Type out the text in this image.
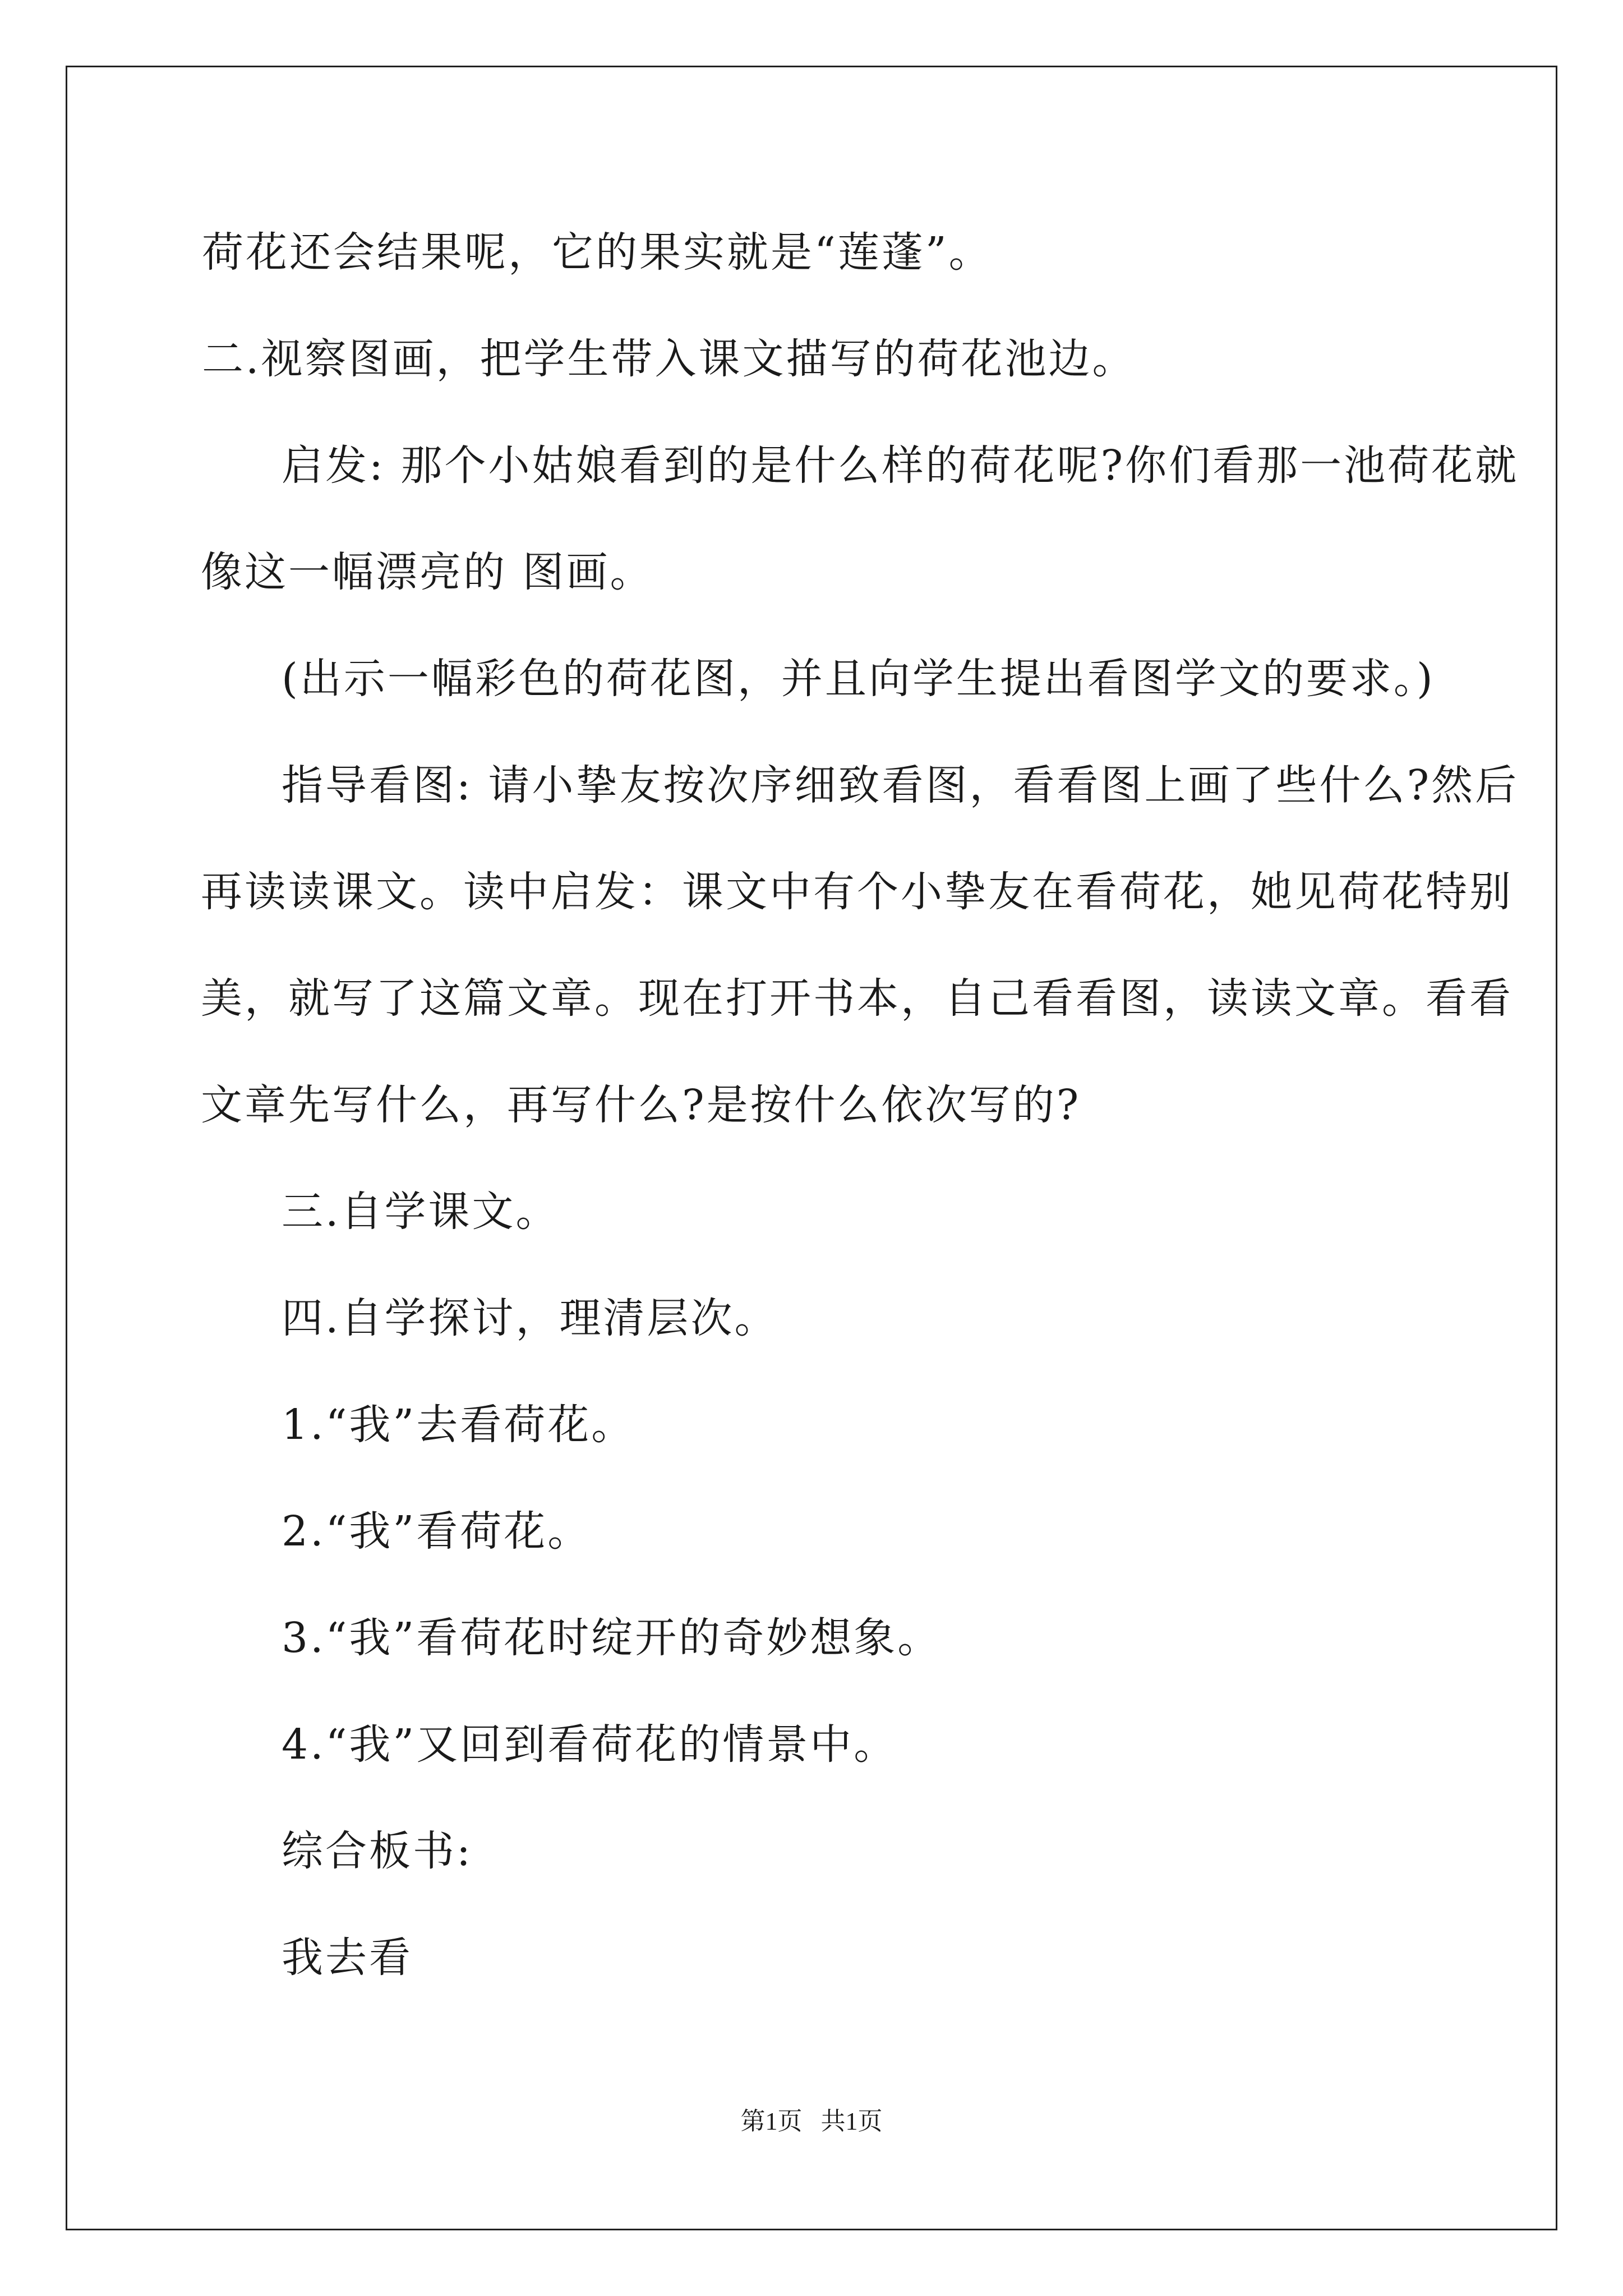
荷花还会结果呢，它的果实就是“莲蓬”。
二.视察图画，把学生带入课文描写的荷花池边。
启发: 那个小姑娘看到的是什么样的荷花呢?你们看那一池荷花就
像这一幅漂亮的 图画。
(出示一幅彩色的荷花图，并且向学生提出看图学文的要求。)
指导看图: 请小挚友按次序细致看图，看看图上画了些什么?然后
再读读课文。读中启发：课文中有个小挚友在看荷花，她见荷花特别
美，就写了这篇文章。现在打开书本，自己看看图，读读文章。看看
文章先写什么，再写什么?是按什么依次写的?
三.自学课文。
四.自学探讨，理清层次。
1.“我”去看荷花。
2.“我”看荷花。
3.“我”看荷花时绽开的奇妙想象。
4.“我”又回到看荷花的情景中。
综合板书:
我去看
第1页   共1页
